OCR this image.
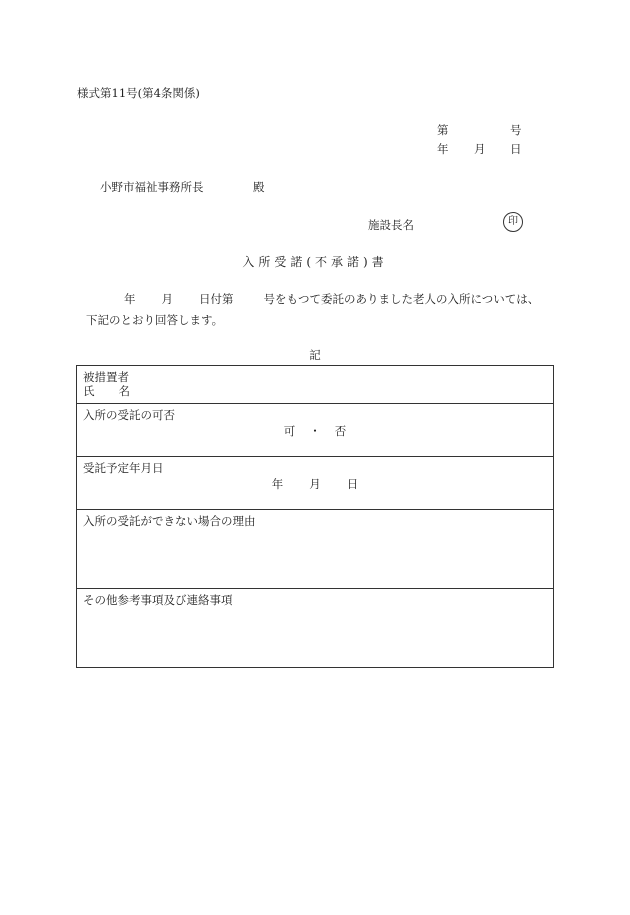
様式第11号(第4条関係)
第	号
年 月 日
小野市福祉事務所長	殿
施設長名	印
入所受諾(不承諾)書
年 月 日付第	号をもつて委託のありました老人の入所については、
下記のとおり回答します。
記
被措置者
氏 名

入所の受託の可否
可 ・ 否

受託予定年月日
年 月 日

入所の受託ができない場合の理由

その他参考事項及び連絡事項
